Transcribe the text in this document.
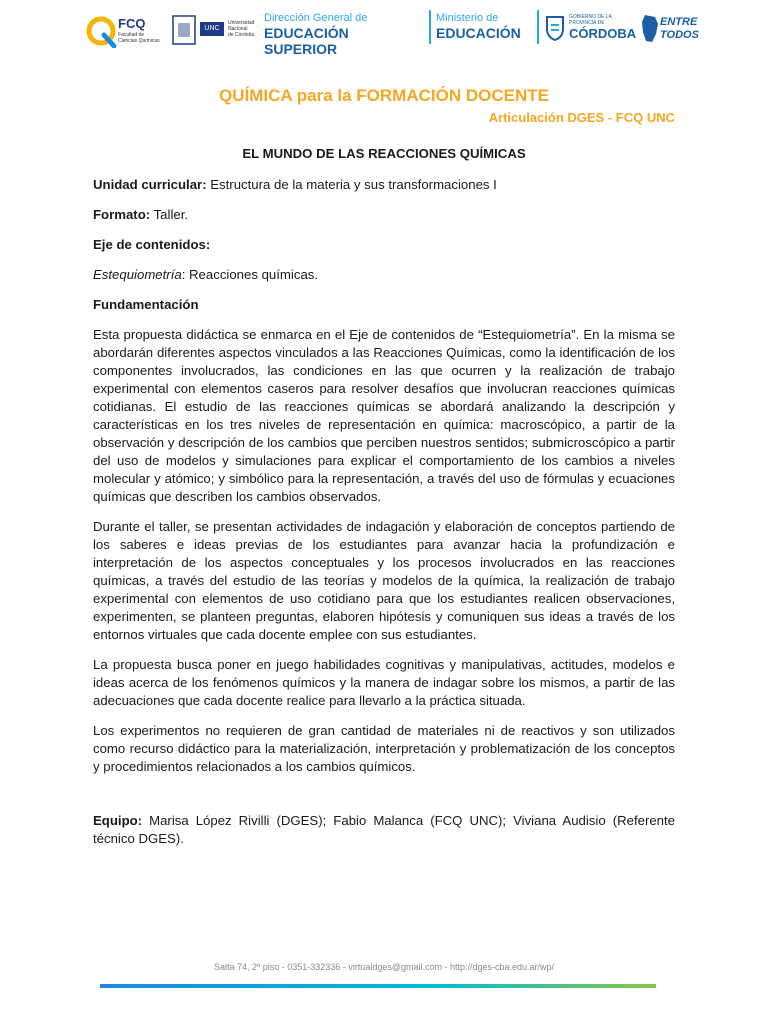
FCQ
Facultad de
Ciencias Químicas
UNC
Universidad
Nacional
de Córdoba
Dirección General de
EDUCACIÓN SUPERIOR
Ministerio de
EDUCACIÓN
GOBIERNO DE LA
PROVINCIA DE
CÓRDOBA
ENTRE
TODOS
QUÍMICA para la FORMACIÓN DOCENTE
Articulación DGES - FCQ UNC

EL MUNDO DE LAS REACCIONES QUÍMICAS

Unidad curricular: Estructura de la materia y sus transformaciones I

Formato: Taller.

Eje de contenidos:

Estequiometría: Reacciones químicas.

Fundamentación

Esta propuesta didáctica se enmarca en el Eje de contenidos de “Estequiometría”. En la misma se abordarán diferentes aspectos vinculados a las Reacciones Químicas, como la identificación de los componentes involucrados, las condiciones en las que ocurren y la realización de trabajo experimental con elementos caseros para resolver desafíos que involucran reacciones químicas cotidianas. El estudio de las reacciones químicas se abordará analizando la descripción y características en los tres niveles de representación en química: macroscópico, a partir de la observación y descripción de los cambios que perciben nuestros sentidos; submicroscópico a partir del uso de modelos y simulaciones para explicar el comportamiento de los cambios a niveles molecular y atómico; y simbólico para la representación, a través del uso de fórmulas y ecuaciones químicas que describen los cambios observados.

Durante el taller, se presentan actividades de indagación y elaboración de conceptos partiendo de los saberes e ideas previas de los estudiantes para avanzar hacia la profundización e interpretación de los aspectos conceptuales y los procesos involucrados en las reacciones químicas, a través del estudio de las teorías y modelos de la química, la realización de trabajo experimental con elementos de uso cotidiano para que los estudiantes realicen observaciones, experimenten, se planteen preguntas, elaboren hipótesis y comuniquen sus ideas a través de los entornos virtuales que cada docente emplee con sus estudiantes.

La propuesta busca poner en juego habilidades cognitivas y manipulativas, actitudes, modelos e ideas acerca de los fenómenos químicos y la manera de indagar sobre los mismos, a partir de las adecuaciones que cada docente realice para llevarlo a la práctica situada.

Los experimentos no requieren de gran cantidad de materiales ni de reactivos y son utilizados como recurso didáctico para la materialización, interpretación y problematización de los conceptos y procedimientos relacionados a los cambios químicos.

Equipo: Marisa López Rivilli (DGES); Fabio Malanca (FCQ UNC); Viviana Audisio (Referente técnico DGES).

Salta 74, 2º piso - 0351-332336 - virtualdges@gmail.com - http://dges-cba.edu.ar/wp/
